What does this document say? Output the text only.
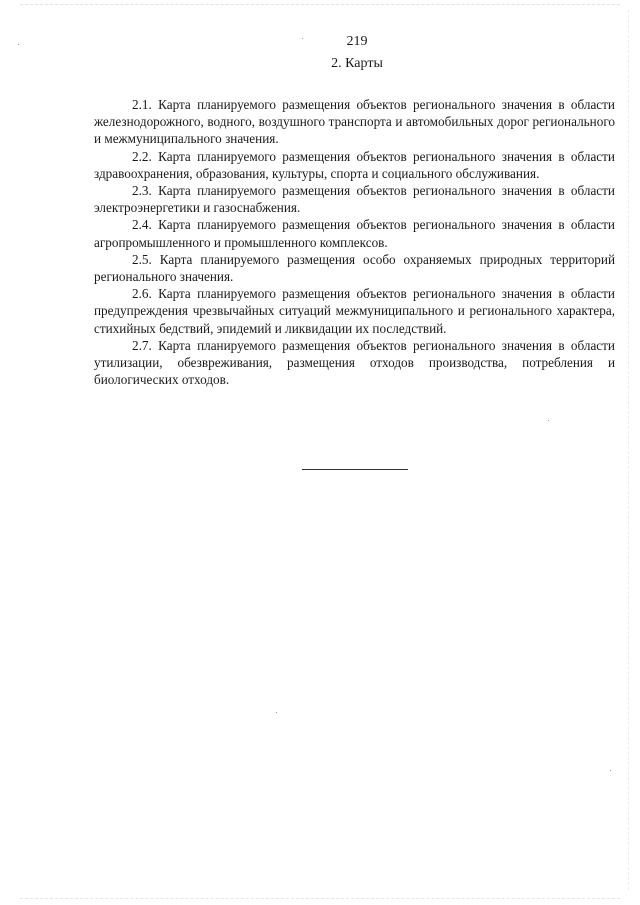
219
2. Карты

2.1. Карта планируемого размещения объектов регионального значения в области железнодорожного, водного, воздушного транспорта и автомобильных дорог регионального и межмуниципального значения.

2.2. Карта планируемого размещения объектов регионального значения в области здравоохранения, образования, культуры, спорта и социального обслуживания.

2.3. Карта планируемого размещения объектов регионального значения в области электроэнергетики и газоснабжения.

2.4. Карта планируемого размещения объектов регионального значения в области агропромышленного и промышленного комплексов.

2.5. Карта планируемого размещения особо охраняемых природных территорий регионального значения.

2.6. Карта планируемого размещения объектов регионального значения в области предупреждения чрезвычайных ситуаций межмуниципального и регионального характера, стихийных бедствий, эпидемий и ликвидации их последствий.

2.7. Карта планируемого размещения объектов регионального значения в области утилизации, обезвреживания, размещения отходов производства, потребления и биологических отходов.
